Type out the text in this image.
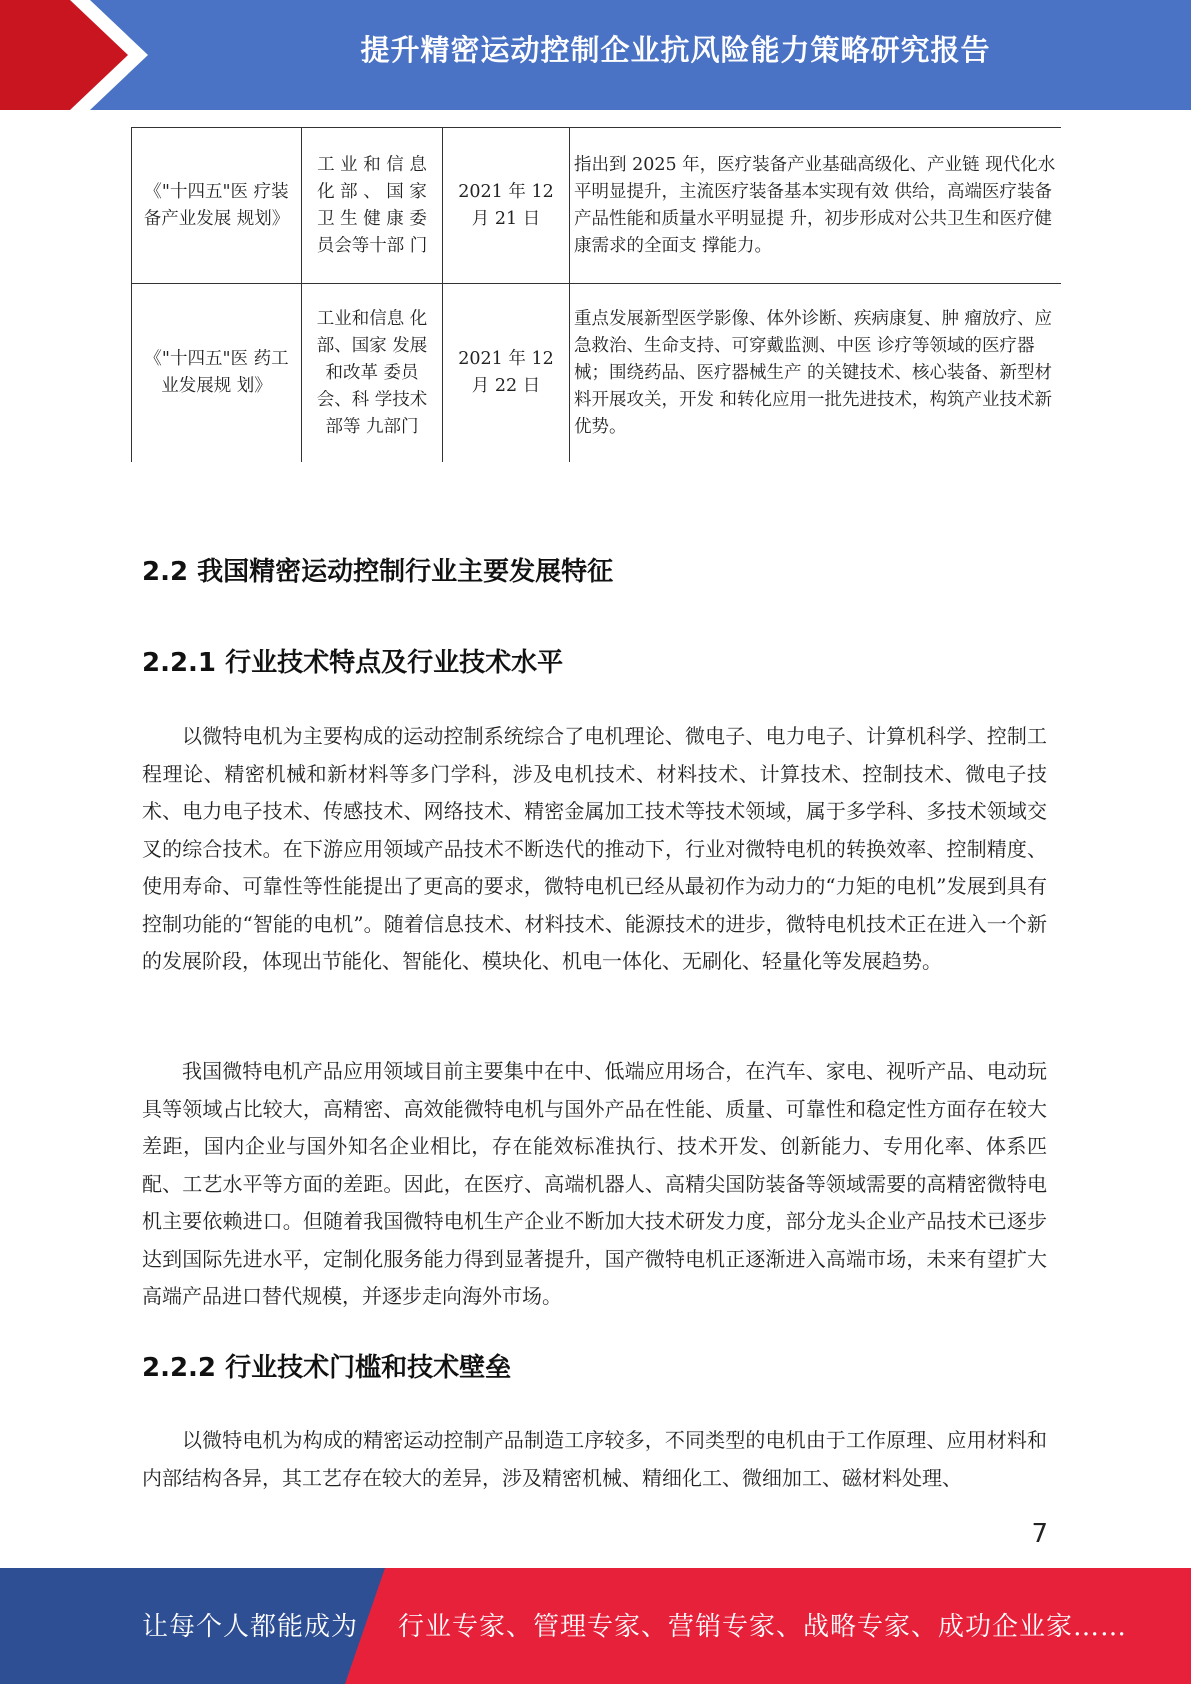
提升精密运动控制企业抗风险能力策略研究报告
《"十四五"医 疗装备产业发展 规划》	工 业 和 信 息 化 部 、 国 家 卫 生 健 康 委 员会等十部 门	2021 年 12 月 21 日	指出到 2025 年，医疗装备产业基础高级化、产业链 现代化水平明显提升，主流医疗装备基本实现有效 供给，高端医疗装备产品性能和质量水平明显提 升，初步形成对公共卫生和医疗健康需求的全面支 撑能力。
《"十四五"医 药工业发展规 划》	工业和信息 化部、国家 发展和改革 委员会、科 学技术部等 九部门	2021 年 12 月 22 日	重点发展新型医学影像、体外诊断、疾病康复、肿 瘤放疗、应急救治、生命支持、可穿戴监测、中医 诊疗等领域的医疗器械；围绕药品、医疗器械生产 的关键技术、核心装备、新型材料开展攻关，开发 和转化应用一批先进技术，构筑产业技术新优势。
2.2 我国精密运动控制行业主要发展特征
2.2.1 行业技术特点及行业技术水平

以微特电机为主要构成的运动控制系统综合了电机理论、微电子、电力电子、计算机科学、控制工程理论、精密机械和新材料等多门学科，涉及电机技术、材料技术、计算技术、控制技术、微电子技术、电力电子技术、传感技术、网络技术、精密金属加工技术等技术领域，属于多学科、多技术领域交叉的综合技术。在下游应用领域产品技术不断迭代的推动下，行业对微特电机的转换效率、控制精度、使用寿命、可靠性等性能提出了更高的要求，微特电机已经从最初作为动力的“力矩的电机”发展到具有控制功能的“智能的电机”。随着信息技术、材料技术、能源技术的进步，微特电机技术正在进入一个新的发展阶段，体现出节能化、智能化、模块化、机电一体化、无刷化、轻量化等发展趋势。

我国微特电机产品应用领域目前主要集中在中、低端应用场合，在汽车、家电、视听产品、电动玩具等领域占比较大，高精密、高效能微特电机与国外产品在性能、质量、可靠性和稳定性方面存在较大差距，国内企业与国外知名企业相比，存在能效标准执行、技术开发、创新能力、专用化率、体系匹配、工艺水平等方面的差距。因此，在医疗、高端机器人、高精尖国防装备等领域需要的高精密微特电机主要依赖进口。但随着我国微特电机生产企业不断加大技术研发力度，部分龙头企业产品技术已逐步达到国际先进水平，定制化服务能力得到显著提升，国产微特电机正逐渐进入高端市场，未来有望扩大高端产品进口替代规模，并逐步走向海外市场。

2.2.2 行业技术门槛和技术壁垒

以微特电机为构成的精密运动控制产品制造工序较多，不同类型的电机由于工作原理、应用材料和内部结构各异，其工艺存在较大的差异，涉及精密机械、精细化工、微细加工、磁材料处理、

7
让每个人都能成为 行业专家、管理专家、营销专家、战略专家、成功企业家……
